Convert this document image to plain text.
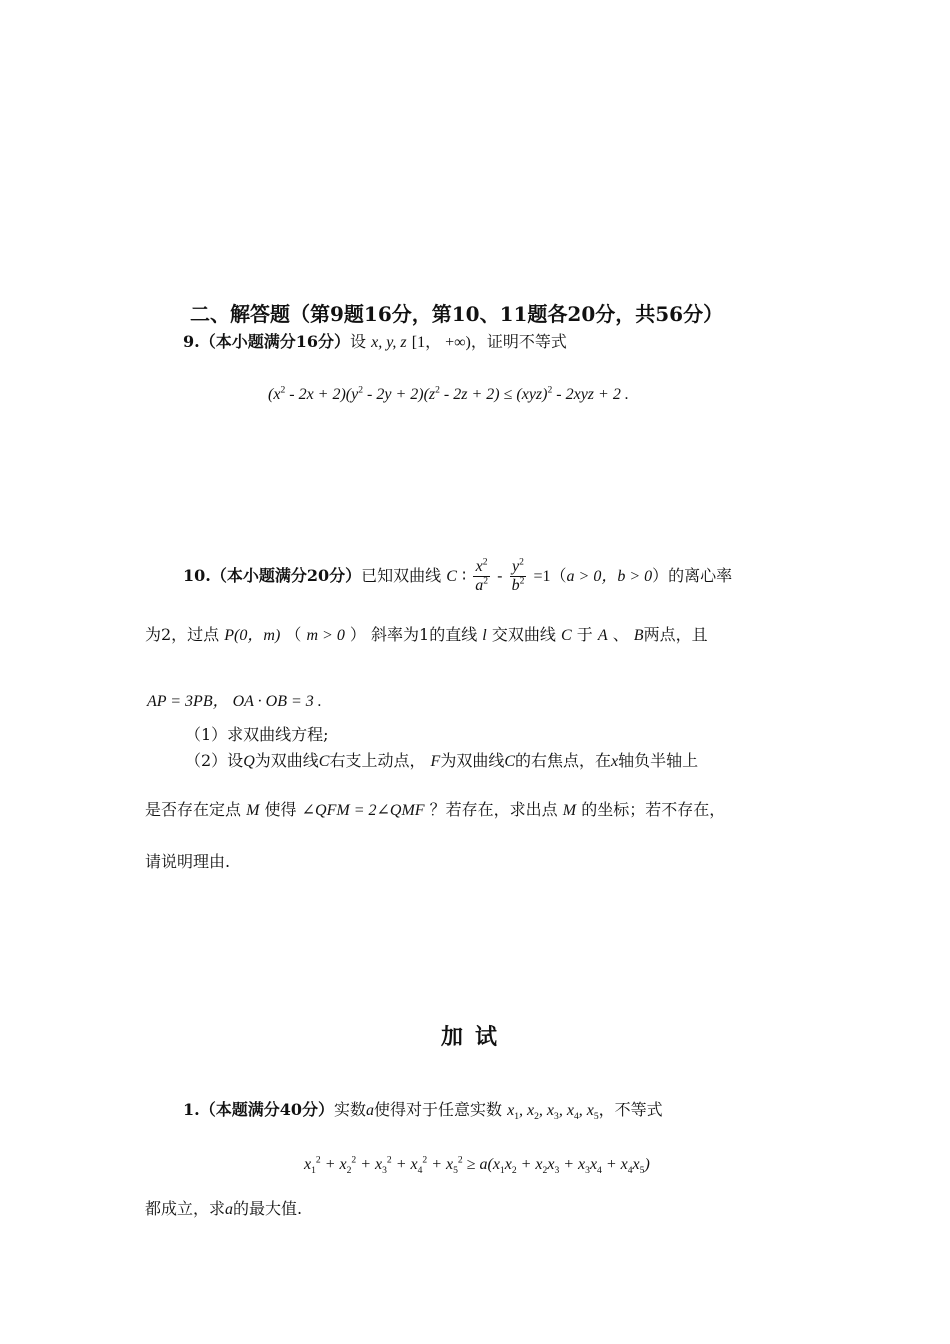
二、解答题（第9题16分，第10、11题各20分，共56分）
9.（本小题满分16分）设 x, y, z [1， +∞)，证明不等式
$(x^2 - 2x + 2)(y^2 - 2y + 2)(z^2 - 2z + 2) \le (xyz)^2 - 2xyz + 2$ .
10.（本小题满分20分）已知双曲线 C ∶ $\frac{x^2}{a^2} - \frac{y^2}{b^2} =1(a > 0$，b > 0）的离心率
为2，过点 P(0，m) （ m > 0 ） 斜率为1的直线 l 交双曲线 C 于 A 、 B两点，且
AP = 3PB， OA · OB = 3 .
（1）求双曲线方程;
（2）设Q为双曲线C右支上动点， F为双曲线C的右焦点，在x轴负半轴上
是否存在定点 M 使得 ∠QFM = 2∠QMF ？若存在，求出点 M 的坐标；若不存在，
请说明理由.
加试
1.（本题满分40分）实数a使得对于任意实数 $x_1$, $x_2$, $x_3$, $x_4$, $x_5$，不等式
$x_1^2 + x_2^2 + x_3^2 + x_4^2 + x_5^2 \ge a(x_1x_2 + x_2x_3 + x_3x_4 + x_4x_5)$
都成立，求a的最大值.
